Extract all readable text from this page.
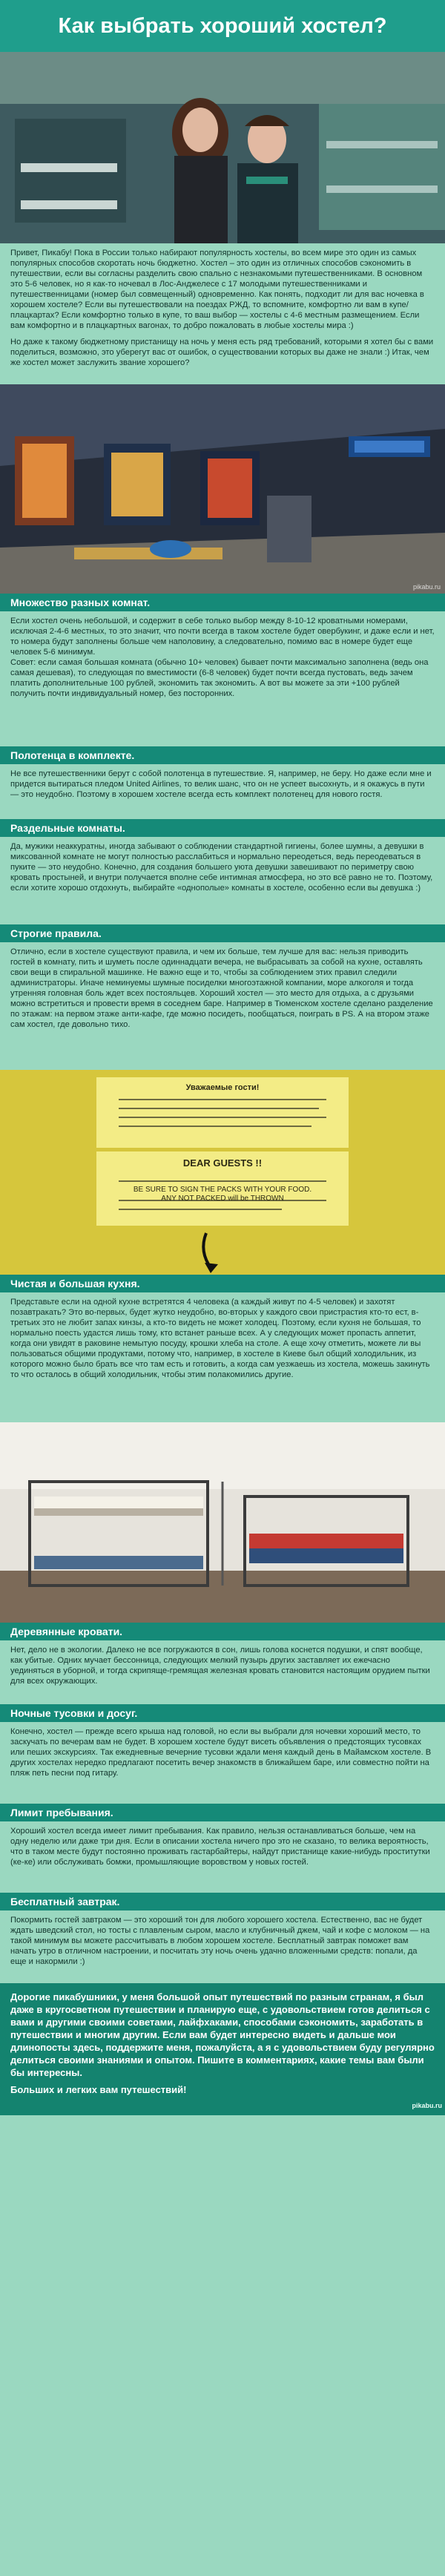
Как выбрать хороший хостел?
Привет, Пикабу! Пока в России только набирают популярность хостелы, во всем мире это один из самых популярных способов скоротать ночь бюджетно. Хостел – это один из отличных способов сэкономить в путешествии, если вы согласны разделить свою спально с незнакомыми путешественниками. В основном это 5-6 человек, но я как-то ночевал в Лос-Анджелесе с 17 молодыми путешественниками и путешественницами (номер был совмещенный) одновременно. Как понять, подходит ли для вас ночевка в хорошем хостеле? Если вы путешествовали на поездах РЖД, то вспомните, комфортно ли вам в купе/плацкартах? Если комфортно только в купе, то ваш выбор — хостелы с 4-6 местным размещением. Если вам комфортно и в плацкартных вагонах, то добро пожаловать в любые хостелы мира :)
Но даже к такому бюджетному пристанищу на ночь у меня есть ряд требований, которыми я хотел бы с вами поделиться, возможно, это уберегут вас от ошибок, о существовании которых вы даже не знали :) Итак, чем же хостел может заслужить звание хорошего?
pikabu.ru
Множество разных комнат.
Если хостел очень небольшой, и содержит в себе только выбор между 8-10-12 кроватными номерами, исключая 2-4-6 местных, то это значит, что почти всегда в таком хостеле будет овербукинг, и даже если и нет, то номера будут заполнены больше чем наполовину, а следовательно, помимо вас в номере будет еще человек 5-6 минимум.
Совет: если самая большая комната (обычно 10+ человек) бывает почти максимально заполнена (ведь она самая дешевая), то следующая по вместимости (6-8 человек) будет почти всегда пустовать, ведь зачем платить дополнительные 100 рублей, экономить так экономить. А вот вы можете за эти +100 рублей получить почти индивидуальный номер, без посторонних.
Полотенца в комплекте.
Не все путешественники берут с собой полотенца в путешествие. Я, например, не беру. Но даже если мне и придется вытираться пледом United Airlines, то велик шанс, что он не успеет высохнуть, и я окажусь в пути — это неудобно. Поэтому в хорошем хостеле всегда есть комплект полотенец для нового гостя.
Раздельные комнаты.
Да, мужики неаккуратны, иногда забывают о соблюдении стандартной гигиены, более шумны, а девушки в миксованной комнате не могут полностью расслабиться и нормально переодеться, ведь переодеваться в пуките — это неудобно. Конечно, для создания большего уюта девушки завешивают по периметру свою кровать простыней, и внутри получается вполне себе интимная атмосфера, но это всё равно не то. Поэтому, если хотите хорошо отдохнуть, выбирайте «однополые» комнаты в хостеле, особенно если вы девушка :)
Строгие правила.
Отлично, если в хостеле существуют правила, и чем их больше, тем лучше для вас: нельзя приводить гостей в комнату, пить и шуметь после одиннадцати вечера, не выбрасывать за собой на кухне, оставлять свои вещи в спиральной машинке. Не важно еще и то, чтобы за соблюдением этих правил следили администраторы. Иначе неминуемы шумные посиделки многоэтажной компании, море алкоголя и тогда утренняя головная боль ждет всех постояльцев. Хороший хостел — это место для отдыха, а с друзьями можно встретиться и провести время в соседнем баре. Например в Тюменском хостеле сделано разделение по этажам: на первом этаже анти-кафе, где можно посидеть, пообщаться, поиграть в PS. А на втором этаже сам хостел, где довольно тихо.
Уважаемые гости!
DEAR GUESTS !!
BE SURE TO SIGN THE PACKS WITH YOUR FOOD.
ANY NOT PACKED will be THROWN
Чистая и большая кухня.
Представьте если на одной кухне встретятся 4 человека (а каждый живут по 4-5 человек) и захотят позавтракать? Это во-первых, будет жутко неудобно, во-вторых у каждого свои пристрастия кто-то ест, в-третьих это не любит запах кинзы, а кто-то видеть не может холодец. Поэтому, если кухня не большая, то нормально поесть удастся лишь тому, кто встанет раньше всех. А у следующих может пропасть аппетит, когда они увидят в раковине немытую посуду, крошки хлеба на столе. А еще хочу отметить, можете ли вы пользоваться общими продуктами, потому что, например, в хостеле в Киеве был общий холодильник, из которого можно было брать все что там есть и готовить, а когда сам уезжаешь из хостела, можешь закинуть то что осталось в общий холодильник, чтобы этим полакомились другие.
Деревянные кровати.
Нет, дело не в экологии. Далеко не все погружаются в сон, лишь голова коснется подушки, и спят вообще, как убитые. Одних мучает бессонница, следующих мелкий пузырь других заставляет их ежечасно уединяться в уборной, и тогда скрипяще-гремящая железная кровать становится настоящим орудием пытки для всех окружающих.
Ночные тусовки и досуг.
Конечно, хостел — прежде всего крыша над головой, но если вы выбрали для ночевки хороший место, то заскучать по вечерам вам не будет. В хорошем хостеле будут висеть объявления о предстоящих тусовках или пеших экскурсиях. Так ежедневные вечерние тусовки ждали меня каждый день в Майамском хостеле. В других хостелах нередко предлагают посетить вечер знакомств в ближайшем баре, или совместно пойти на пляж петь песни под гитару.
Лимит пребывания.
Хороший хостел всегда имеет лимит пребывания. Как правило, нельзя останавливаться больше, чем на одну неделю или даже три дня. Если в описании хостела ничего про это не сказано, то велика вероятность, что в таком месте будут постоянно проживать гастарбайтеры, найдут пристанище какие-нибудь проститутки (ке-ке) или обслуживать бомжи, промышляющие воровством у новых гостей.
Бесплатный завтрак.
Покормить гостей завтраком — это хороший тон для любого хорошего хостела. Естественно, вас не будет ждать шведский стол, но тосты с плавленым сыром, масло и клубничный джем, чай и кофе с молоком — на такой минимум вы можете рассчитывать в любом хорошем хостеле. Бесплатный завтрак поможет вам начать утро в отличном настроении, и посчитать эту ночь очень удачно вложенными средств: попали, да еще и накормили :)
Дорогие пикабушники, у меня большой опыт путешествий по разным странам, я был даже в кругосветном путешествии и планирую еще, с удовольствием готов делиться с вами и другими своими советами, лайфхаками, способами сэкономить, заработать в путешествии и многим другим. Если вам будет интересно видеть и дальше мои длинопосты здесь, поддержите меня, пожалуйста, а я с удовольствием буду регулярно делиться своими знаниями и опытом. Пишите в комментариях, какие темы вам были бы интересны.
Больших и легких вам путешествий!
pikabu.ru
